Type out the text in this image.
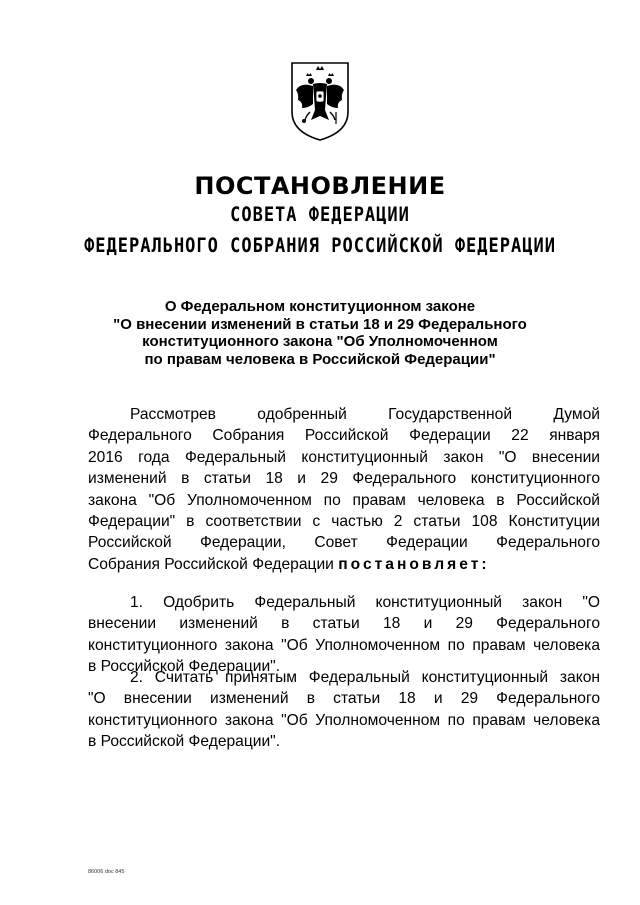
ПОСТАНОВЛЕНИЕ
СОВЕТА ФЕДЕРАЦИИ
ФЕДЕРАЛЬНОГО СОБРАНИЯ РОССИЙСКОЙ ФЕДЕРАЦИИ
О Федеральном конституционном законе
"О внесении изменений в статьи 18 и 29 Федерального
конституционного закона "Об Уполномоченном
по правам человека в Российской Федерации"
Рассмотрев одобренный Государственной Думой
Федерального Собрания Российской Федерации 22 января
2016 года Федеральный конституционный закон "О внесении
изменений в статьи 18 и 29 Федерального конституционного
закона "Об Уполномоченном по правам человека в Российской
Федерации" в соответствии с частью 2 статьи 108 Конституции
Российской Федерации, Совет Федерации Федерального
Собрания Российской Федерации постановляет:
1. Одобрить Федеральный конституционный закон "О
внесении изменений в статьи 18 и 29 Федерального
конституционного закона "Об Уполномоченном по правам человека
в Российской Федерации".
2. Считать принятым Федеральный конституционный закон
"О внесении изменений в статьи 18 и 29 Федерального
конституционного закона "Об Уполномоченном по правам человека
в Российской Федерации".
86006 doc 845
